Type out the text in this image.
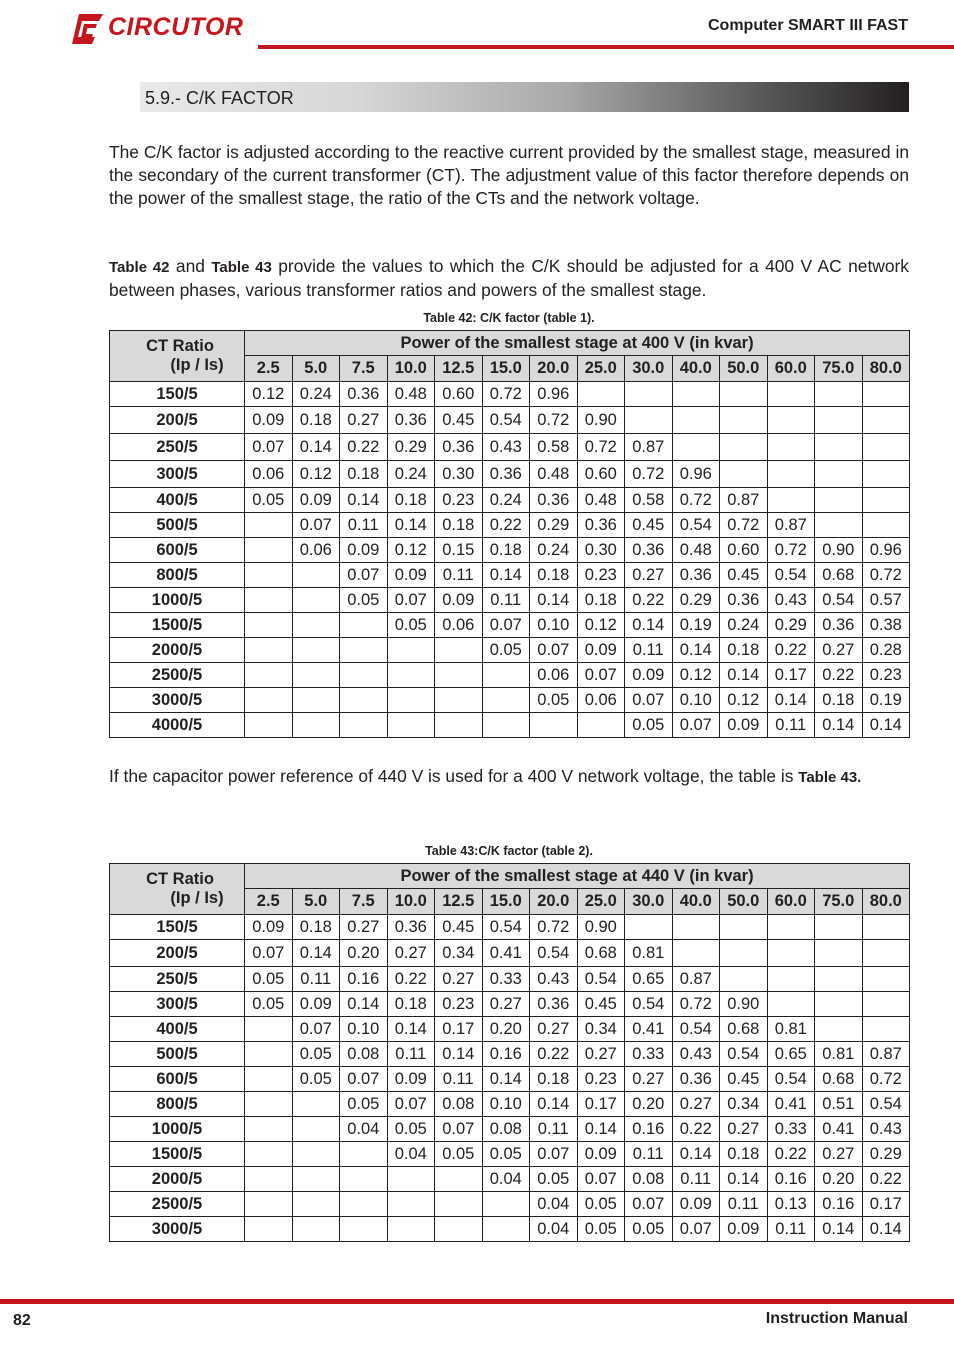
CIRCUTOR	Computer SMART III FAST
5.9.- C/K FACTOR

The C/K factor is adjusted according to the reactive current provided by the smallest stage, measured in the secondary of the current transformer (CT). The adjustment value of this factor therefore depends on the power of the smallest stage, the ratio of the CTs and the network voltage.

Table 42 and Table 43 provide the values to which the C/K should be adjusted for a 400 V AC network between phases, various transformer ratios and powers of the smallest stage.

Table 42: C/K factor (table 1).
CT Ratio
(Ip / Is)	Power of the smallest stage at 400 V (in kvar)													
	2.5	5.0	7.5	10.0	12.5	15.0	20.0	25.0	30.0	40.0	50.0	60.0	75.0	80.0
150/5	0.12	0.24	0.36	0.48	0.60	0.72	0.96							
200/5	0.09	0.18	0.27	0.36	0.45	0.54	0.72	0.90						
250/5	0.07	0.14	0.22	0.29	0.36	0.43	0.58	0.72	0.87					
300/5	0.06	0.12	0.18	0.24	0.30	0.36	0.48	0.60	0.72	0.96				
400/5	0.05	0.09	0.14	0.18	0.23	0.24	0.36	0.48	0.58	0.72	0.87			
500/5		0.07	0.11	0.14	0.18	0.22	0.29	0.36	0.45	0.54	0.72	0.87		
600/5		0.06	0.09	0.12	0.15	0.18	0.24	0.30	0.36	0.48	0.60	0.72	0.90	0.96
800/5			0.07	0.09	0.11	0.14	0.18	0.23	0.27	0.36	0.45	0.54	0.68	0.72
1000/5			0.05	0.07	0.09	0.11	0.14	0.18	0.22	0.29	0.36	0.43	0.54	0.57
1500/5				0.05	0.06	0.07	0.10	0.12	0.14	0.19	0.24	0.29	0.36	0.38
2000/5						0.05	0.07	0.09	0.11	0.14	0.18	0.22	0.27	0.28
2500/5							0.06	0.07	0.09	0.12	0.14	0.17	0.22	0.23
3000/5							0.05	0.06	0.07	0.10	0.12	0.14	0.18	0.19
4000/5									0.05	0.07	0.09	0.11	0.14	0.14

If the capacitor power reference of 440 V is used for a 400 V network voltage, the table is Table 43.

Table 43:C/K factor (table 2).
CT Ratio
(Ip / Is)	Power of the smallest stage at 440 V (in kvar)													
	2.5	5.0	7.5	10.0	12.5	15.0	20.0	25.0	30.0	40.0	50.0	60.0	75.0	80.0
150/5	0.09	0.18	0.27	0.36	0.45	0.54	0.72	0.90						
200/5	0.07	0.14	0.20	0.27	0.34	0.41	0.54	0.68	0.81					
250/5	0.05	0.11	0.16	0.22	0.27	0.33	0.43	0.54	0.65	0.87				
300/5	0.05	0.09	0.14	0.18	0.23	0.27	0.36	0.45	0.54	0.72	0.90			
400/5		0.07	0.10	0.14	0.17	0.20	0.27	0.34	0.41	0.54	0.68	0.81		
500/5		0.05	0.08	0.11	0.14	0.16	0.22	0.27	0.33	0.43	0.54	0.65	0.81	0.87
600/5		0.05	0.07	0.09	0.11	0.14	0.18	0.23	0.27	0.36	0.45	0.54	0.68	0.72
800/5			0.05	0.07	0.08	0.10	0.14	0.17	0.20	0.27	0.34	0.41	0.51	0.54
1000/5			0.04	0.05	0.07	0.08	0.11	0.14	0.16	0.22	0.27	0.33	0.41	0.43
1500/5				0.04	0.05	0.05	0.07	0.09	0.11	0.14	0.18	0.22	0.27	0.29
2000/5						0.04	0.05	0.07	0.08	0.11	0.14	0.16	0.20	0.22
2500/5							0.04	0.05	0.07	0.09	0.11	0.13	0.16	0.17
3000/5							0.04	0.05	0.05	0.07	0.09	0.11	0.14	0.14
82	Instruction Manual
